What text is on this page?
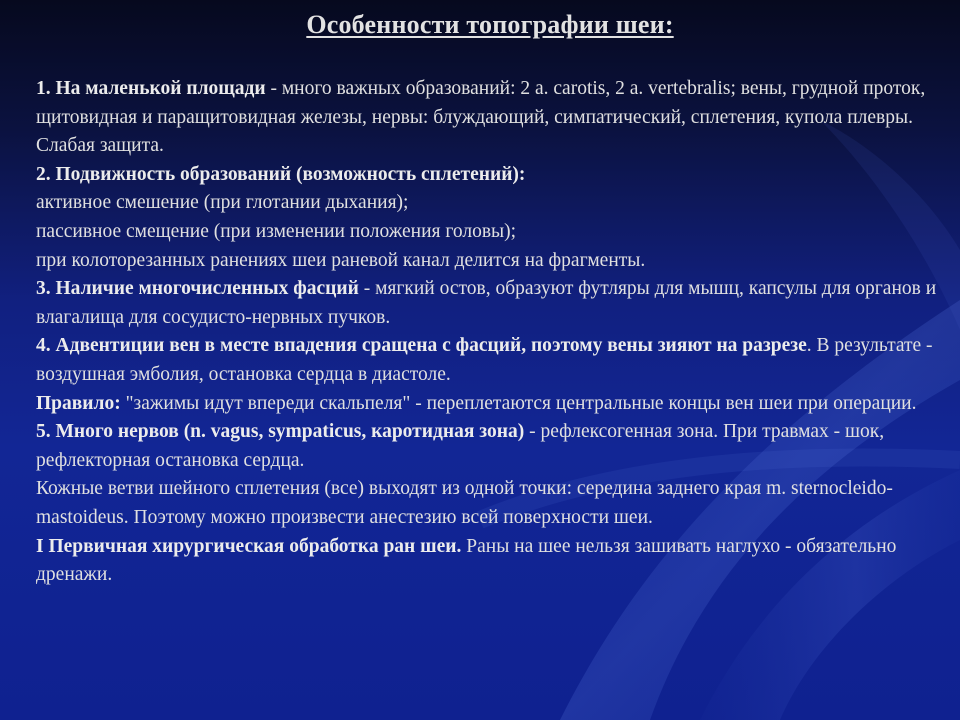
Особенности топографии шеи:

1. На маленькой площади - много важных образований: 2 a. carotis, 2 a. vertebralis; вены, грудной проток, щитовидная и паращитовидная железы, нервы: блуждающий, симпатический, сплетения, купола плевры. Слабая защита.

2. Подвижность образований (возможность сплетений):

активное смешение (при глотании дыхания);

пассивное смещение (при изменении положения головы);

при колоторезанных ранениях шеи раневой канал делится на фрагменты.

3. Наличие многочисленных фасций - мягкий остов, образуют футляры для мышц, капсулы для органов и влагалища для сосудисто-нервных пучков.

4. Адвентиции вен в месте впадения сращена с фасций, поэтому вены зияют на разрезе. В результате - воздушная эмболия, остановка сердца в диастоле.

Правило: "зажимы идут впереди скальпеля" - переплетаются центральные концы вен шеи при операции.

5. Много нервов (n. vagus, sympaticus, каротидная зона) - рефлексогенная зона. При травмах - шок, рефлекторная остановка сердца.

Кожные ветви шейного сплетения (все) выходят из одной точки: середина заднего края m. sternocleido-mastoideus. Поэтому можно произвести анестезию всей поверхности шеи.

I Первичная хирургическая обработка ран шеи. Раны на шее нельзя зашивать наглухо - обязательно дренажи.
